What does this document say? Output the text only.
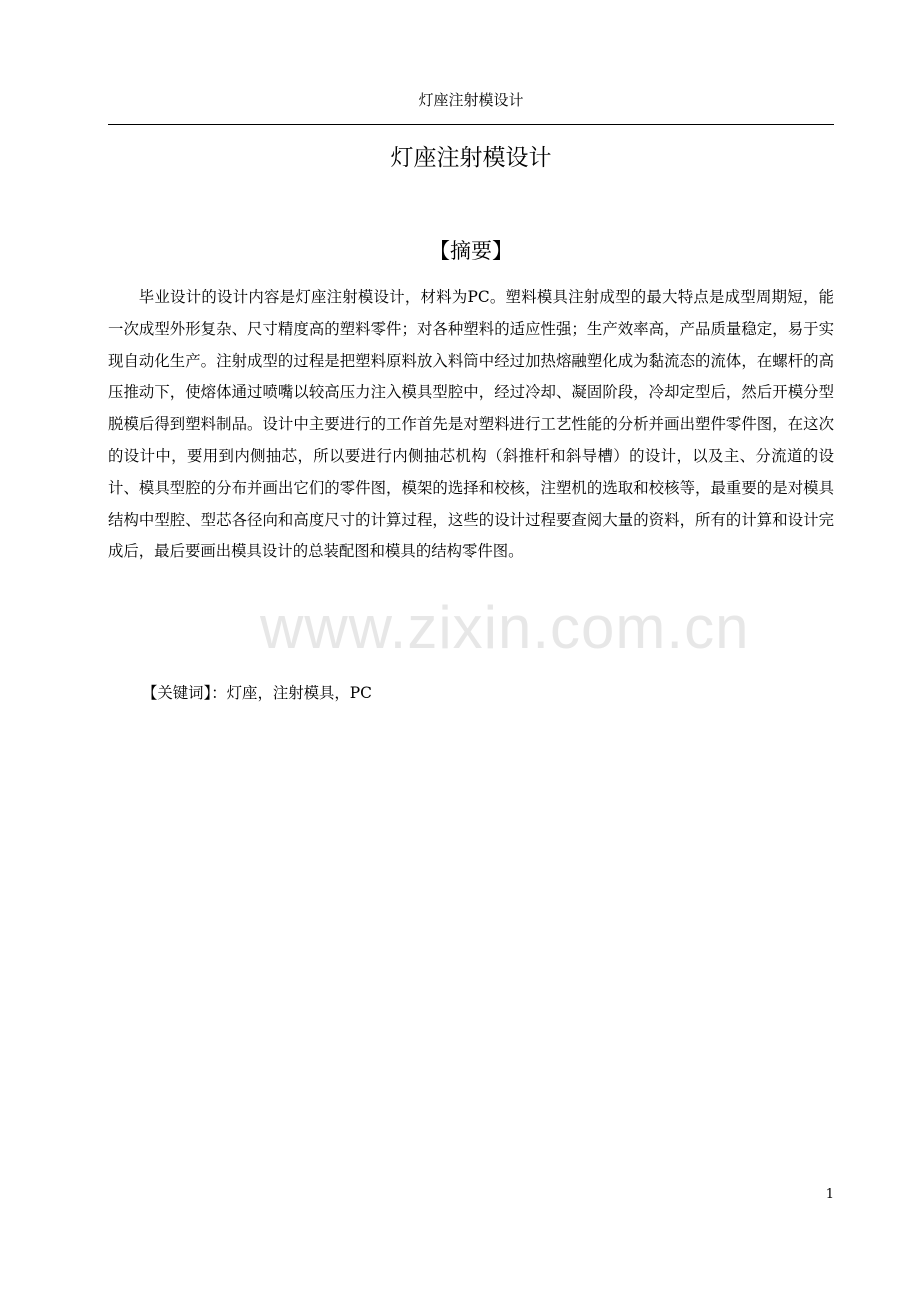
灯座注射模设计
灯座注射模设计
【摘要】

毕业设计的设计内容是灯座注射模设计，材料为PC。塑料模具注射成型的最大特点是成型周期短，能一次成型外形复杂、尺寸精度高的塑料零件；对各种塑料的适应性强；生产效率高，产品质量稳定，易于实现自动化生产。注射成型的过程是把塑料原料放入料筒中经过加热熔融塑化成为黏流态的流体，在螺杆的高压推动下，使熔体通过喷嘴以较高压力注入模具型腔中，经过冷却、凝固阶段，冷却定型后，然后开模分型脱模后得到塑料制品。设计中主要进行的工作首先是对塑料进行工艺性能的分析并画出塑件零件图，在这次的设计中，要用到内侧抽芯，所以要进行内侧抽芯机构（斜推杆和斜导槽）的设计，以及主、分流道的设计、模具型腔的分布并画出它们的零件图，模架的选择和校核，注塑机的选取和校核等，最重要的是对模具结构中型腔、型芯各径向和高度尺寸的计算过程，这些的设计过程要查阅大量的资料，所有的计算和设计完成后，最后要画出模具设计的总装配图和模具的结构零件图。

【关键词】：灯座，注射模具，PC
www.zixin.com.cn
1
